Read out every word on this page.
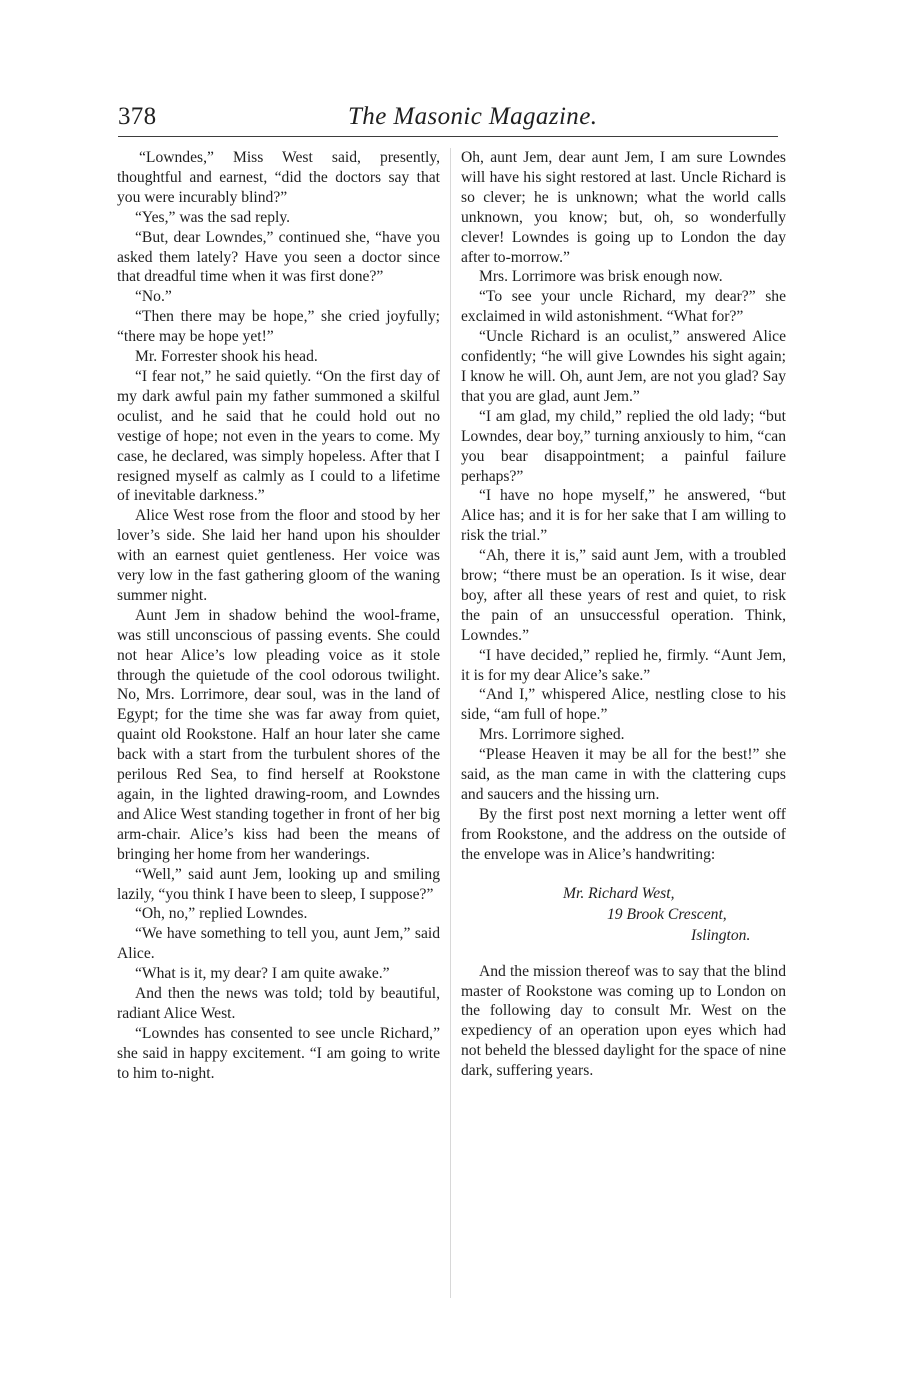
378	The Masonic Magazine.

“Lowndes,” Miss West said, presently, thoughtful and earnest, “did the doctors say that you were incurably blind?”

“Yes,” was the sad reply.

“But, dear Lowndes,” continued she, “have you asked them lately? Have you seen a doctor since that dreadful time when it was first done?”

“No.”

“Then there may be hope,” she cried joyfully; “there may be hope yet!”

Mr. Forrester shook his head.

“I fear not,” he said quietly. “On the first day of my dark awful pain my father summoned a skilful oculist, and he said that he could hold out no vestige of hope; not even in the years to come. My case, he declared, was simply hopeless. After that I resigned myself as calmly as I could to a lifetime of inevitable darkness.”

Alice West rose from the floor and stood by her lover’s side. She laid her hand upon his shoulder with an earnest quiet gentleness. Her voice was very low in the fast gathering gloom of the waning summer night.

Aunt Jem in shadow behind the wool-frame, was still unconscious of passing events. She could not hear Alice’s low pleading voice as it stole through the quietude of the cool odorous twilight. No, Mrs. Lorrimore, dear soul, was in the land of Egypt; for the time she was far away from quiet, quaint old Rookstone. Half an hour later she came back with a start from the turbulent shores of the perilous Red Sea, to find herself at Rookstone again, in the lighted drawing-room, and Lowndes and Alice West standing together in front of her big arm-chair. Alice’s kiss had been the means of bringing her home from her wanderings.

“Well,” said aunt Jem, looking up and smiling lazily, “you think I have been to sleep, I suppose?”

“Oh, no,” replied Lowndes.

“We have something to tell you, aunt Jem,” said Alice.

“What is it, my dear? I am quite awake.”

And then the news was told; told by beautiful, radiant Alice West.

“Lowndes has consented to see uncle Richard,” she said in happy excitement. “I am going to write to him to-night.

Oh, aunt Jem, dear aunt Jem, I am sure Lowndes will have his sight restored at last. Uncle Richard is so clever; he is unknown; what the world calls unknown, you know; but, oh, so wonderfully clever! Lowndes is going up to London the day after to-morrow.”

Mrs. Lorrimore was brisk enough now.

“To see your uncle Richard, my dear?” she exclaimed in wild astonishment. “What for?”

“Uncle Richard is an oculist,” answered Alice confidently; “he will give Lowndes his sight again; I know he will. Oh, aunt Jem, are not you glad? Say that you are glad, aunt Jem.”

“I am glad, my child,” replied the old lady; “but Lowndes, dear boy,” turning anxiously to him, “can you bear disappointment; a painful failure perhaps?”

“I have no hope myself,” he answered, “but Alice has; and it is for her sake that I am willing to risk the trial.”

“Ah, there it is,” said aunt Jem, with a troubled brow; “there must be an operation. Is it wise, dear boy, after all these years of rest and quiet, to risk the pain of an unsuccessful operation. Think, Lowndes.”

“I have decided,” replied he, firmly. “Aunt Jem, it is for my dear Alice’s sake.”

“And I,” whispered Alice, nestling close to his side, “am full of hope.”

Mrs. Lorrimore sighed.

“Please Heaven it may be all for the best!” she said, as the man came in with the clattering cups and saucers and the hissing urn.

By the first post next morning a letter went off from Rookstone, and the address on the outside of the envelope was in Alice’s handwriting:

Mr. Richard West,
19 Brook Crescent,
Islington.

And the mission thereof was to say that the blind master of Rookstone was coming up to London on the following day to consult Mr. West on the expediency of an operation upon eyes which had not beheld the blessed daylight for the space of nine dark, suffering years.
